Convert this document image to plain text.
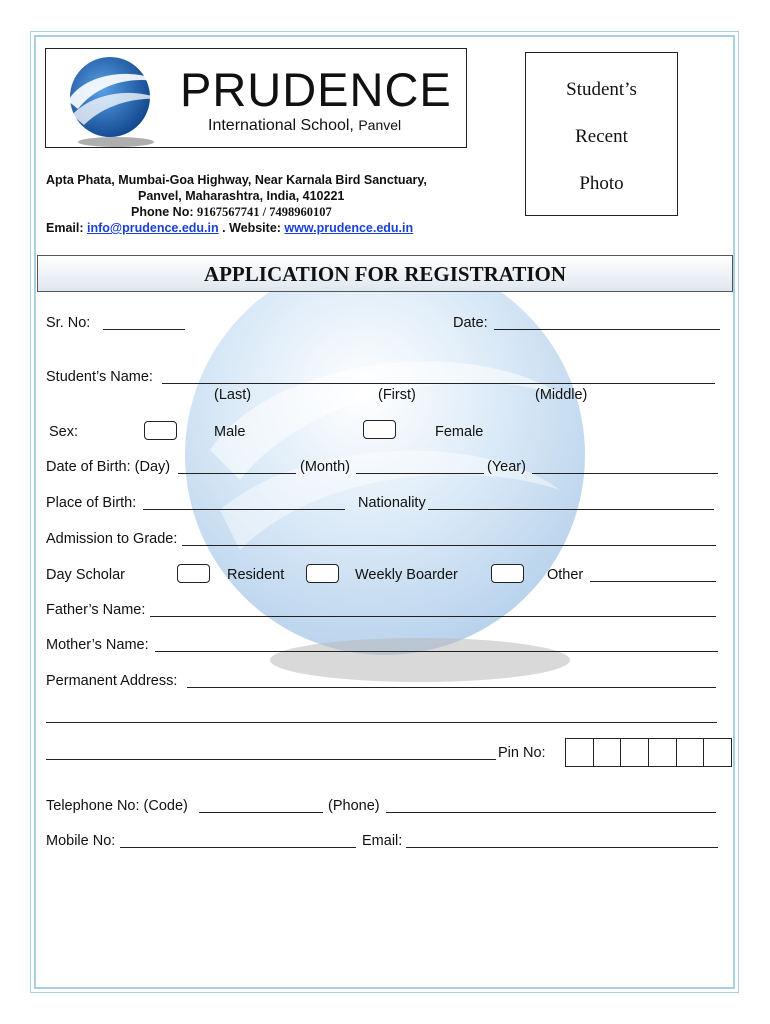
PRUDENCE
International School, Panvel
Apta Phata, Mumbai-Goa Highway, Near Karnala Bird Sanctuary,
Panvel, Maharashtra, India, 410221
Phone No: 9167567741 / 7498960107
Email: info@prudence.edu.in . Website: www.prudence.edu.in
Student’s
Recent
Photo
APPLICATION FOR REGISTRATION
Sr. No:	Date:
Student’s Name:
(Last)	(First)	(Middle)
Sex:	Male	Female
Date of Birth: (Day)	(Month)	(Year)
Place of Birth:	Nationality
Admission to Grade:
Day Scholar	Resident	Weekly Boarder	Other
Father’s Name:
Mother’s Name:
Permanent Address:
Pin No:
Telephone No: (Code)	(Phone)
Mobile No:	Email:
